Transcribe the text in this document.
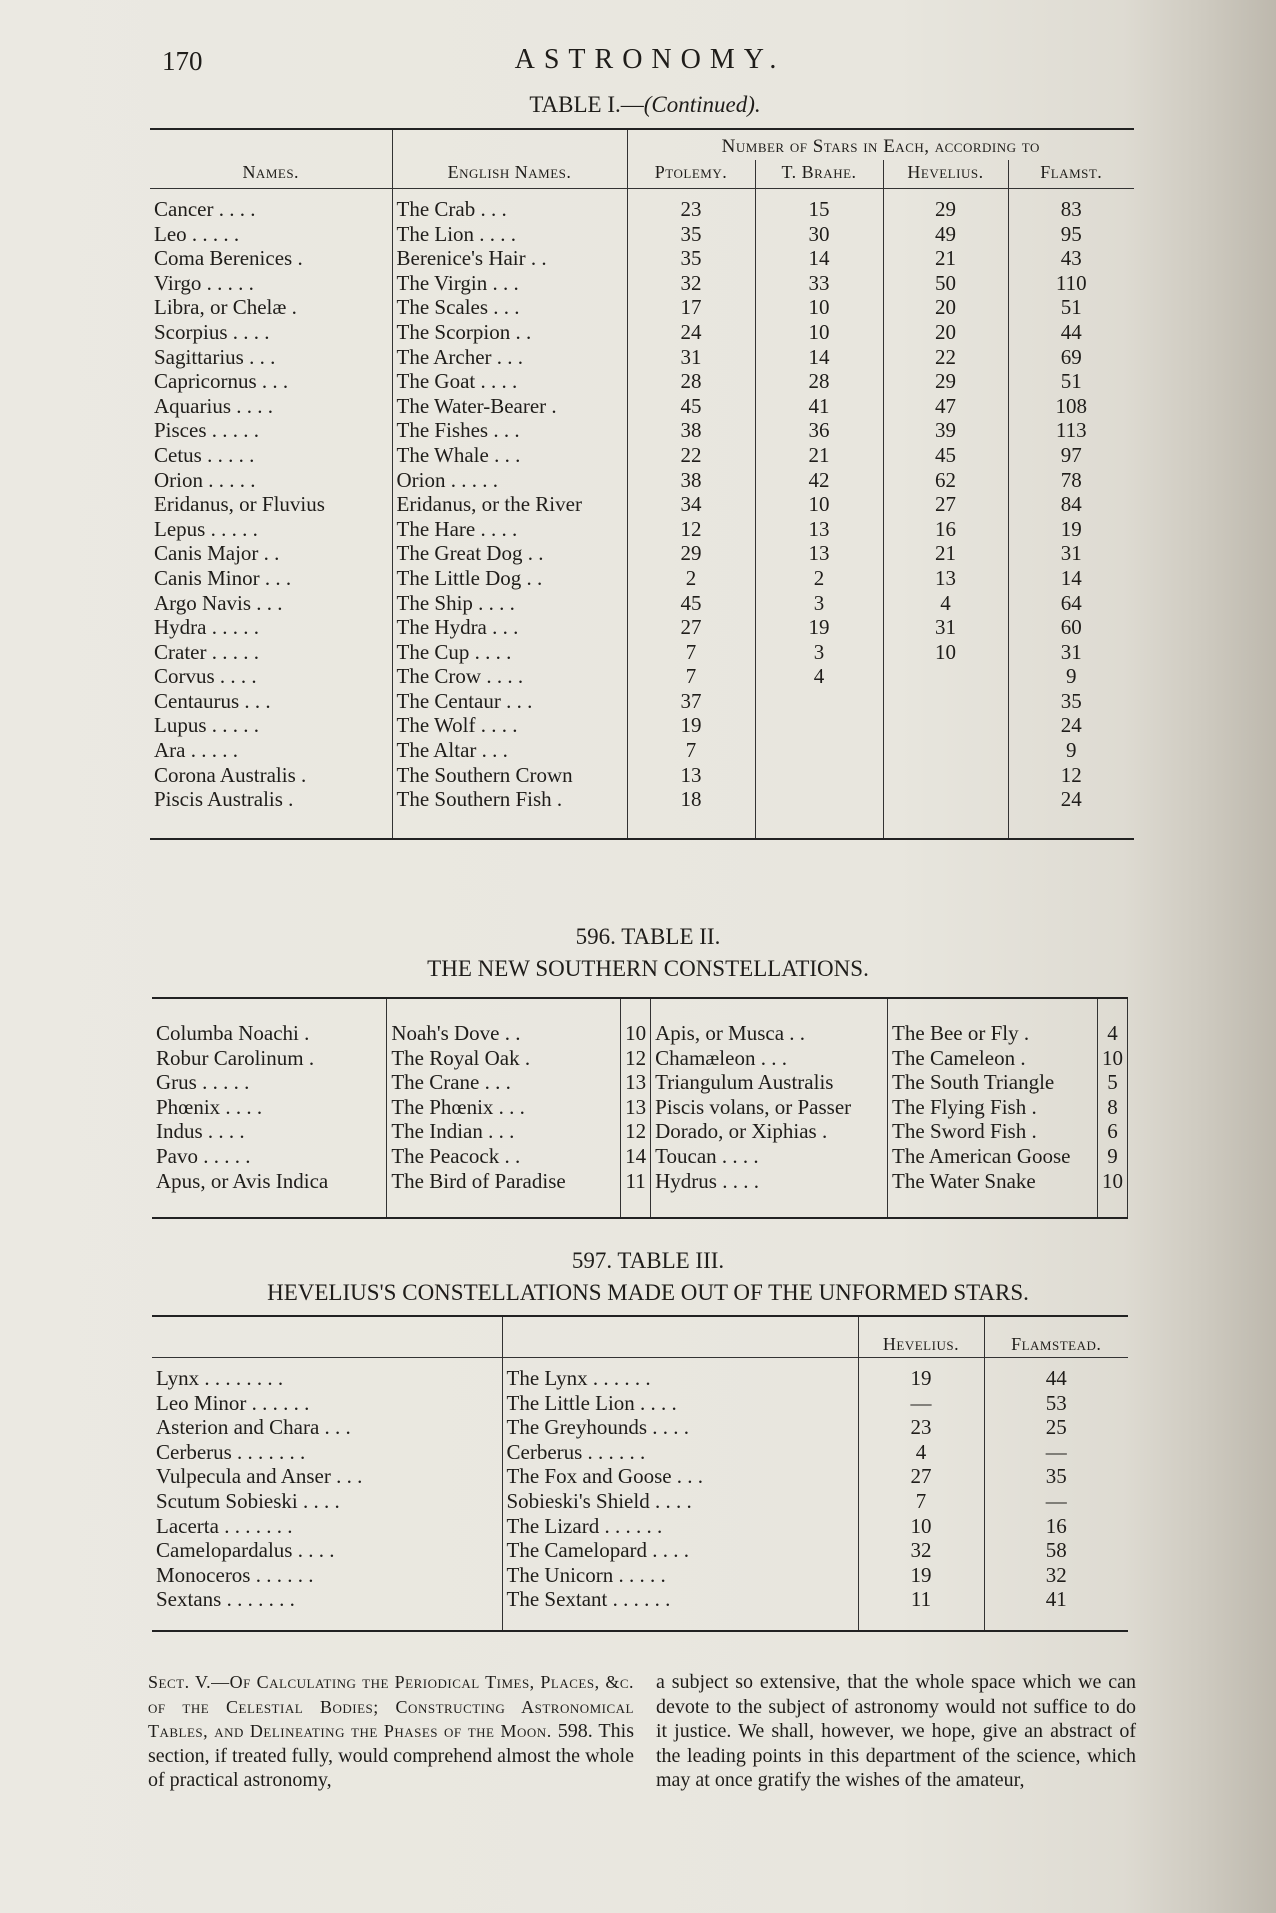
170	ASTRONOMY.
TABLE I.—(Continued).
		Number of Stars in Each, according to			
Names.	English Names.	Ptolemy.	T. Brahe.	Hevelius.	Flamst.
Cancer . . . .	The Crab . . .	23	15	29	83
Leo . . . . .	The Lion . . . .	35	30	49	95
Coma Berenices .	Berenice's Hair . .	35	14	21	43
Virgo . . . . .	The Virgin . . .	32	33	50	110
Libra, or Chelæ .	The Scales . . .	17	10	20	51
Scorpius . . . .	The Scorpion . .	24	10	20	44
Sagittarius . . .	The Archer . . .	31	14	22	69
Capricornus . . .	The Goat . . . .	28	28	29	51
Aquarius . . . .	The Water-Bearer .	45	41	47	108
Pisces . . . . .	The Fishes . . .	38	36	39	113
Cetus . . . . .	The Whale . . .	22	21	45	97
Orion . . . . .	Orion . . . . .	38	42	62	78
Eridanus, or Fluvius	Eridanus, or the River	34	10	27	84
Lepus . . . . .	The Hare . . . .	12	13	16	19
Canis Major . .	The Great Dog . .	29	13	21	31
Canis Minor . . .	The Little Dog . .	2	2	13	14
Argo Navis . . .	The Ship . . . .	45	3	4	64
Hydra . . . . .	The Hydra . . .	27	19	31	60
Crater . . . . .	The Cup . . . .	7	3	10	31
Corvus . . . .	The Crow . . . .	7	4		9
Centaurus . . .	The Centaur . . .	37			35
Lupus . . . . .	The Wolf . . . .	19			24
Ara . . . . .	The Altar . . .	7			9
Corona Australis .	The Southern Crown	13			12
Piscis Australis .	The Southern Fish .	18			24
596. TABLE II.
THE NEW SOUTHERN CONSTELLATIONS.
Columba Noachi .	Noah's Dove . .	10	Apis, or Musca . .	The Bee or Fly .	4
Robur Carolinum .	The Royal Oak .	12	Chamæleon . . .	The Cameleon .	10
Grus . . . . .	The Crane . . .	13	Triangulum Australis	The South Triangle	5
Phœnix . . . .	The Phœnix . . .	13	Piscis volans, or Passer	The Flying Fish .	8
Indus . . . .	The Indian . . .	12	Dorado, or Xiphias .	The Sword Fish .	6
Pavo . . . . .	The Peacock . .	14	Toucan . . . .	The American Goose	9
Apus, or Avis Indica	The Bird of Paradise	11	Hydrus . . . .	The Water Snake	10
597. TABLE III.
HEVELIUS'S CONSTELLATIONS MADE OUT OF THE UNFORMED STARS.
		Hevelius.	Flamstead.
Lynx . . . . . . . .	The Lynx . . . . . .	19	44
Leo Minor . . . . . .	The Little Lion . . . .	—	53
Asterion and Chara . . .	The Greyhounds . . . .	23	25
Cerberus . . . . . . .	Cerberus . . . . . .	4	—
Vulpecula and Anser . . .	The Fox and Goose . . .	27	35
Scutum Sobieski . . . .	Sobieski's Shield . . . .	7	—
Lacerta . . . . . . .	The Lizard . . . . . .	10	16
Camelopardalus . . . .	The Camelopard . . . .	32	58
Monoceros . . . . . .	The Unicorn . . . . .	19	32
Sextans . . . . . . .	The Sextant . . . . . .	11	41
Sect. V.—Of Calculating the Periodical Times, Places, &c. of the Celestial Bodies; Constructing Astronomical Tables, and Delineating the Phases of the Moon. 598. This section, if treated fully, would comprehend almost the whole of practical astronomy,
a subject so extensive, that the whole space which we can devote to the subject of astronomy would not suffice to do it justice. We shall, however, we hope, give an abstract of the leading points in this department of the science, which may at once gratify the wishes of the amateur,
